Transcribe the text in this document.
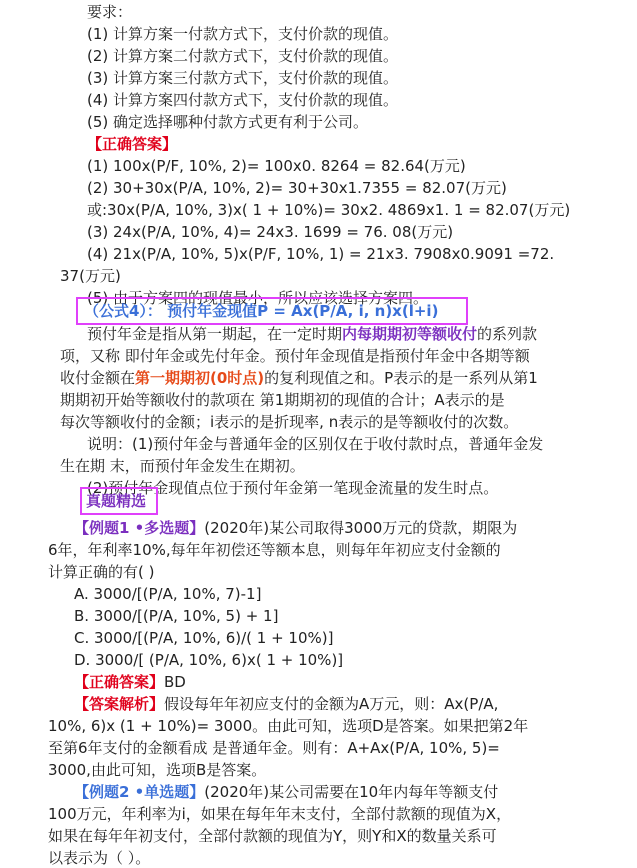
要求：
(1) 计算方案一付款方式下，支付价款的现值。
(2) 计算方案二付款方式下，支付价款的现值。
(3) 计算方案三付款方式下，支付价款的现值。
(4) 计算方案四付款方式下，支付价款的现值。
(5) 确定选择哪种付款方式更有利于公司。
【正确答案】
(1) 100x(P/F, 10%, 2)= 100x0. 8264 = 82.64(万元)
(2) 30+30x(P/A, 10%, 2)= 30+30x1.7355 = 82.07(万元)
或:30x(P/A, 10%, 3)x( 1 + 10%)= 30x2. 4869x1. 1 = 82.07(万元)
(3) 24x(P/A, 10%, 4)= 24x3. 1699 = 76. 08(万元)
(4) 21x(P/A, 10%, 5)x(P/F, 10%, 1) = 21x3. 7908x0.9091 =72.
37(万元)
(5) 由于方案四的现值最小，所以应该选择方案四。
（公式4）： 预付年金现值P = Ax(P/A, i, n)x(l+i)
预付年金是指从第一期起，在一定时期内每期期初等额收付的系列款
项，又称 即付年金或先付年金。预付年金现值是指预付年金中各期等额
收付金额在第一期期初(0时点)的复利现值之和。P表示的是一系列从第1
期期初开始等额收付的款项在 第1期期初的现值的合计；A表示的是
每次等额收付的金额；i表示的是折现率, n表示的是等额收付的次数。
说明：(1)预付年金与普通年金的区别仅在于收付款时点，普通年金发
生在期 末，而预付年金发生在期初。
(2)预付年金现值点位于预付年金第一笔现金流量的发生时点。
真题精选
【例题1 •多选题】(2020年)某公司取得3000万元的贷款，期限为
6年，年利率10%,每年年初偿还等额本息，则每年年初应支付金额的
计算正确的有( )
A. 3000/[(P/A, 10%, 7)-1]
B. 3000/[(P/A, 10%, 5) + 1]
C. 3000/[(P/A, 10%, 6)/( 1 + 10%)]
D. 3000/[ (P/A, 10%, 6)x( 1 + 10%)]
【正确答案】BD
【答案解析】假设每年年初应支付的金额为A万元，则：Ax(P/A,
10%, 6)x (1 + 10%)= 3000。由此可知，选项D是答案。如果把第2年
至第6年支付的金额看成 是普通年金。则有：A+Ax(P/A, 10%, 5)=
3000,由此可知，选项B是答案。
【例题2 •单选题】(2020年)某公司需要在10年内每年等额支付
100万元，年利率为i，如果在每年年末支付，全部付款额的现值为X，
如果在每年年初支付，全部付款额的现值为Y，则Y和X的数量关系可
以表示为（ ）。
